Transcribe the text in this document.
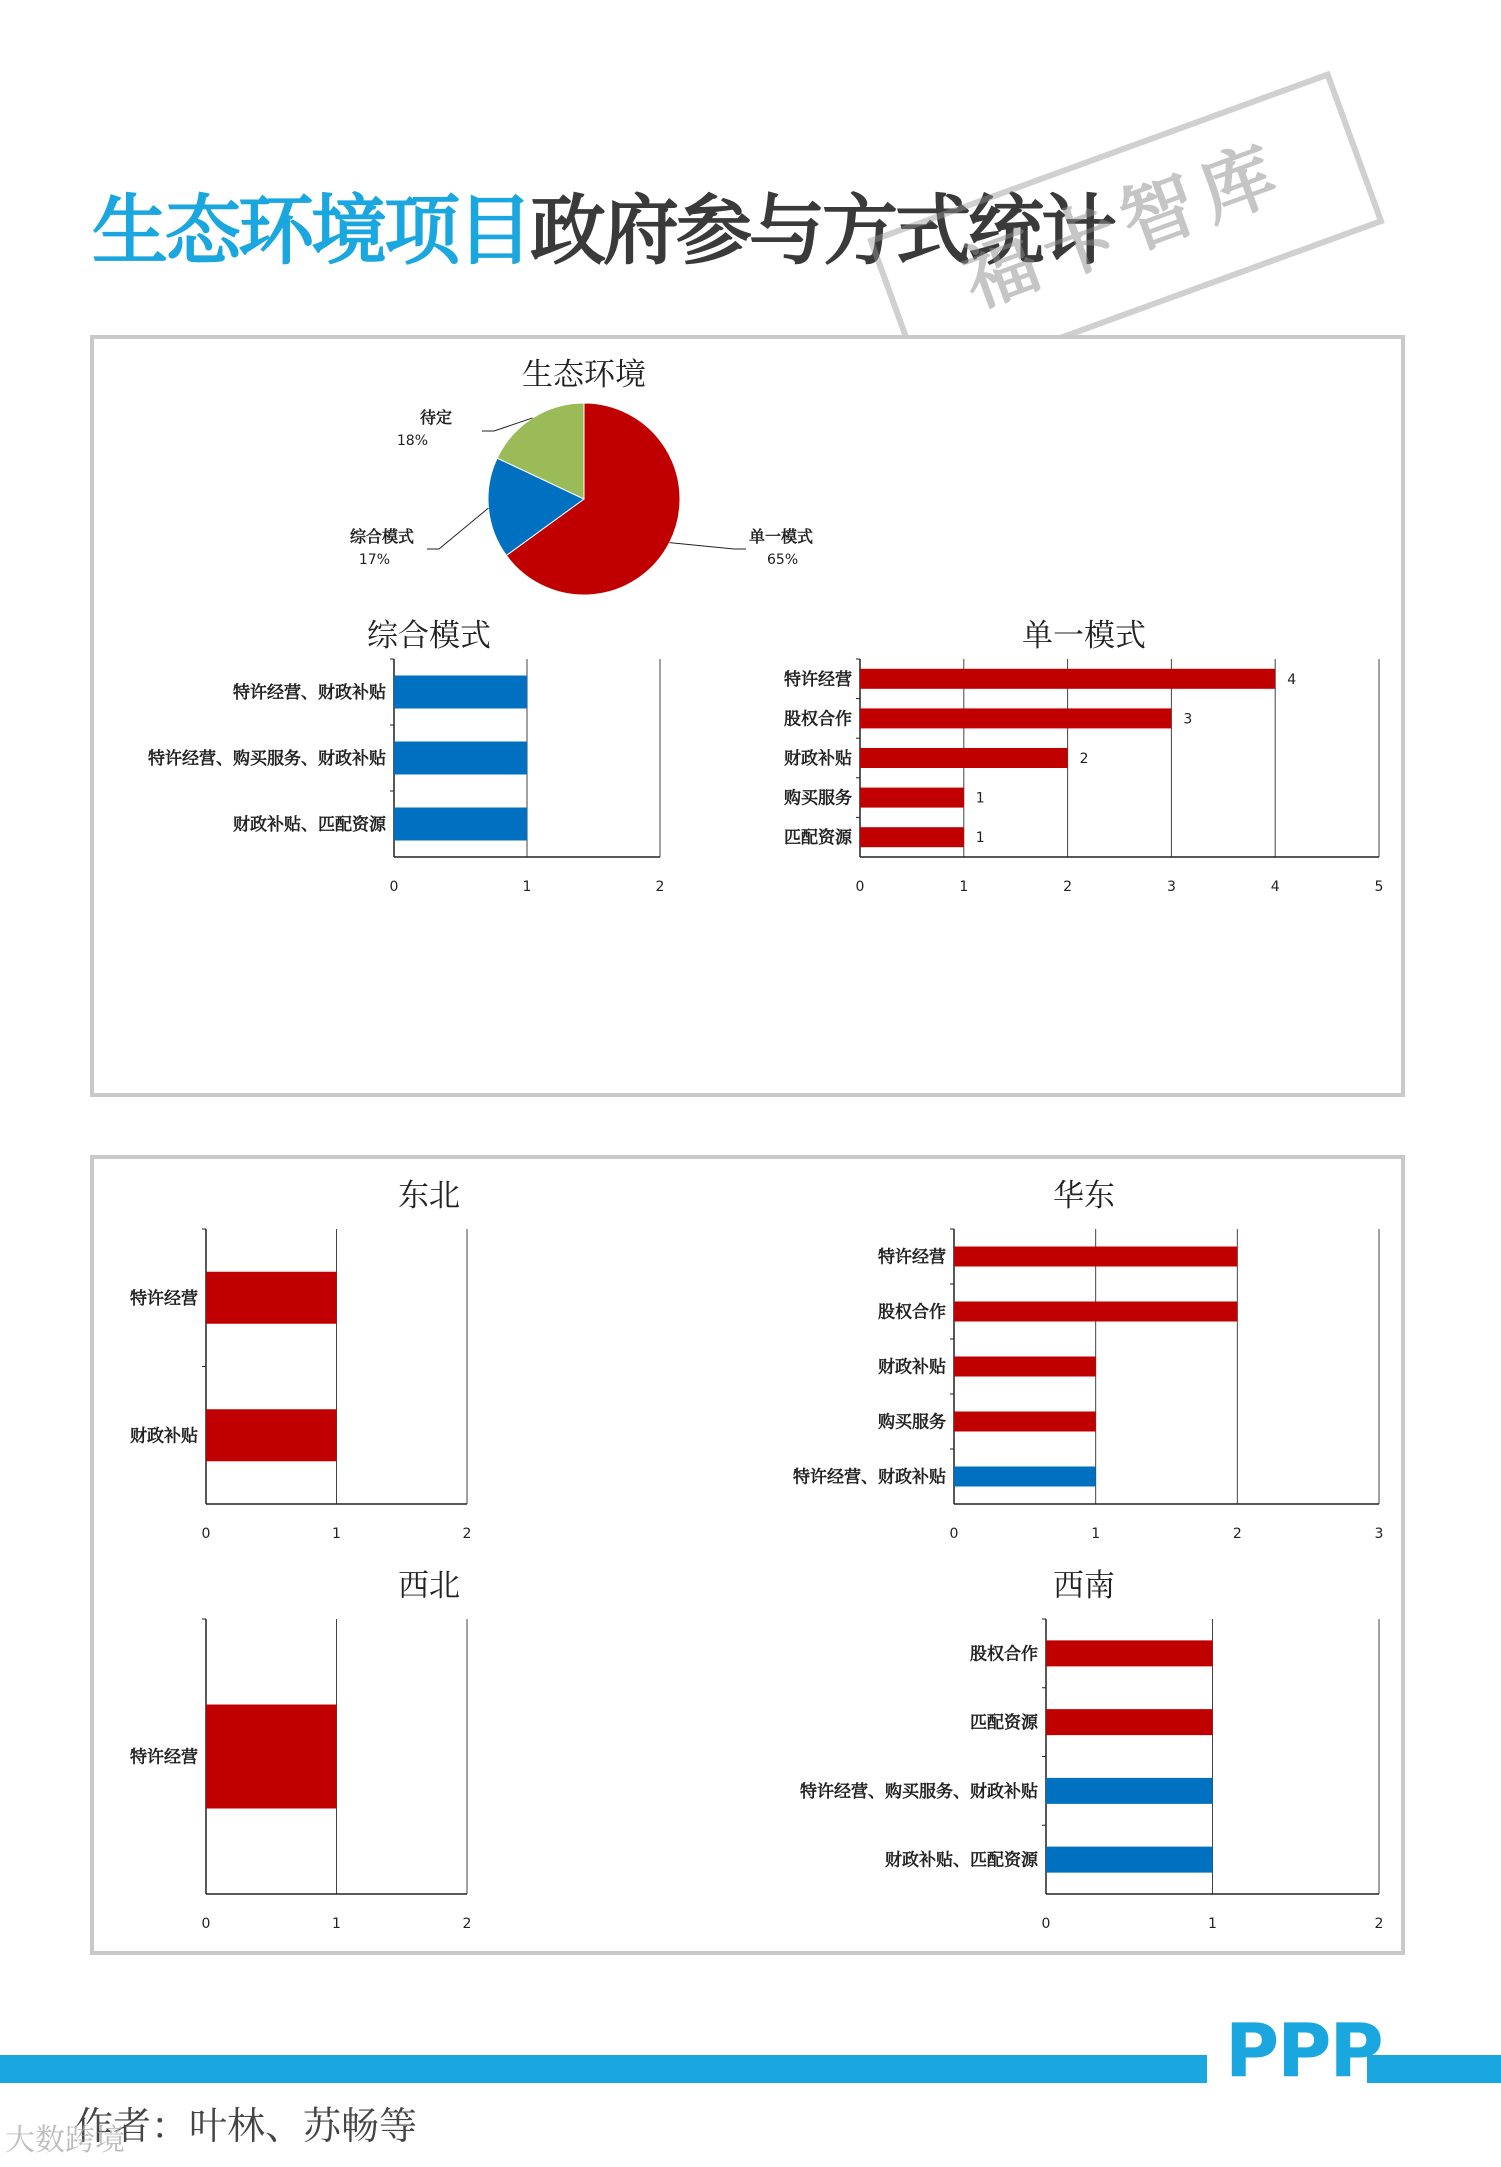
生态环境项目政府参与方式统计
福卡智库
生态环境
单一模式
65%
综合模式
17%
待定
18%
综合模式
0	1	2
特许经营、财政补贴
特许经营、购买服务、财政补贴
财政补贴、匹配资源
单一模式
0	1	2	3	4	5
特许经营	4
股权合作	3
财政补贴	2
购买服务	1
匹配资源	1
东北
0	1	2
特许经营
财政补贴
华东
0	1	2	3
特许经营
股权合作
财政补贴
购买服务
特许经营、财政补贴
西北
0	1	2
特许经营
西南
0	1	2
股权合作
匹配资源
特许经营、购买服务、财政补贴
财政补贴、匹配资源
PPP
作者：叶林、苏畅等
大数跨境
